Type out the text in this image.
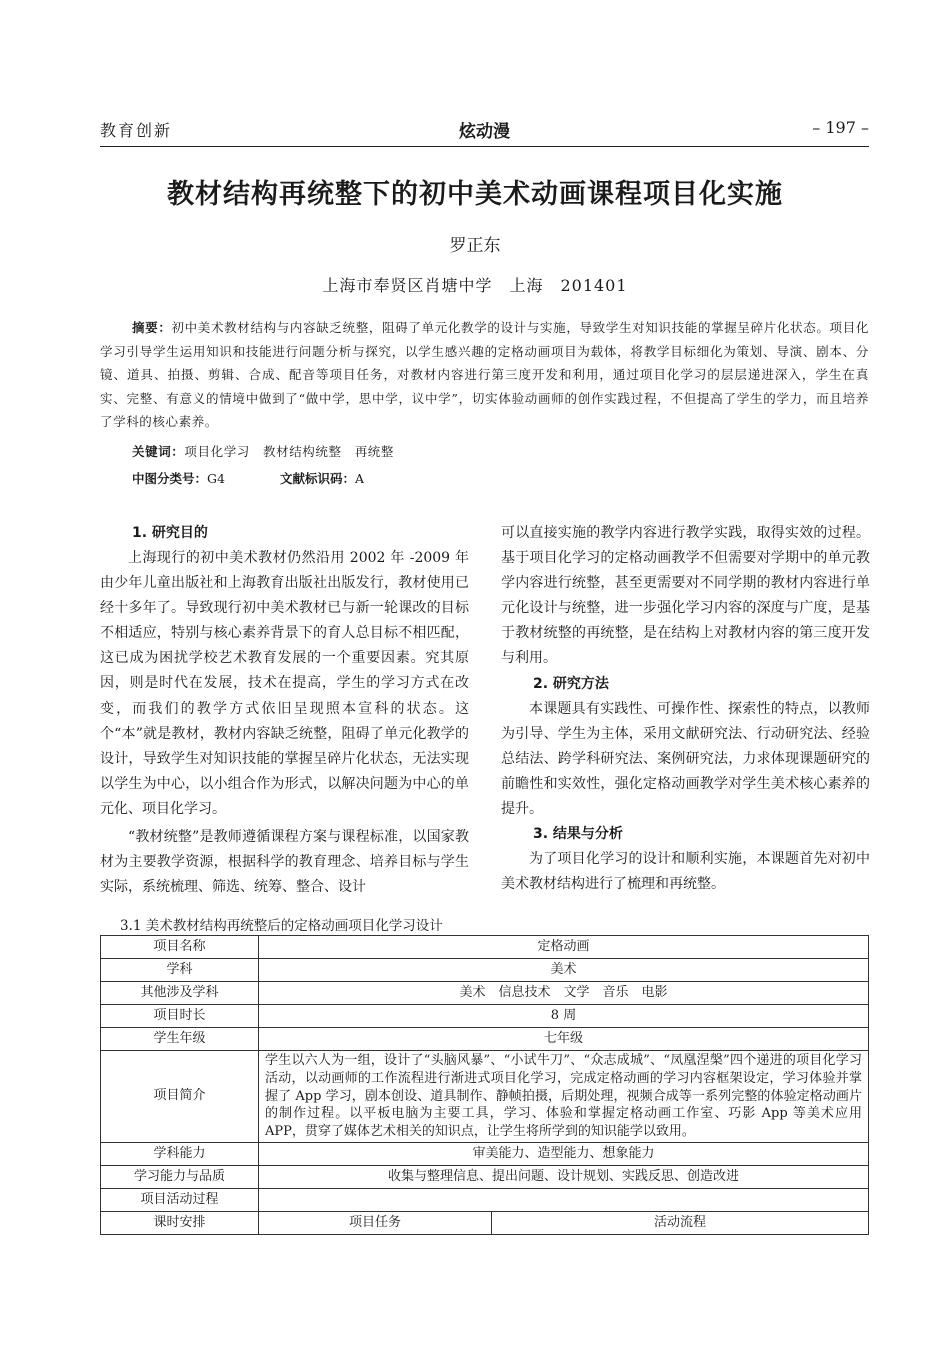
教育创新	炫动漫	– 197 –
教材结构再统整下的初中美术动画课程项目化实施
罗正东
上海市奉贤区肖塘中学　上海　201401

摘要：初中美术教材结构与内容缺乏统整，阻碍了单元化教学的设计与实施，导致学生对知识技能的掌握呈碎片化状态。项目化学习引导学生运用知识和技能进行问题分析与探究，以学生感兴趣的定格动画项目为载体，将教学目标细化为策划、导演、剧本、分镜、道具、拍摄、剪辑、合成、配音等项目任务，对教材内容进行第三度开发和利用，通过项目化学习的层层递进深入，学生在真实、完整、有意义的情境中做到了“做中学，思中学，议中学”，切实体验动画师的创作实践过程，不但提高了学生的学力，而且培养了学科的核心素养。

关键词：项目化学习　教材结构统整　再统整
中图分类号：G4	文献标识码：A
1. 研究目的

上海现行的初中美术教材仍然沿用 2002 年 -2009 年由少年儿童出版社和上海教育出版社出版发行，教材使用已经十多年了。导致现行初中美术教材已与新一轮课改的目标不相适应，特别与核心素养背景下的育人总目标不相匹配，这已成为困扰学校艺术教育发展的一个重要因素。究其原因，则是时代在发展，技术在提高，学生的学习方式在改变，而我们的教学方式依旧呈现照本宣科的状态。这个“本”就是教材，教材内容缺乏统整，阻碍了单元化教学的设计，导致学生对知识技能的掌握呈碎片化状态，无法实现以学生为中心，以小组合作为形式，以解决问题为中心的单元化、项目化学习。

“教材统整”是教师遵循课程方案与课程标准，以国家教材为主要教学资源，根据科学的教育理念、培养目标与学生实际，系统梳理、筛选、统筹、整合、设计

可以直接实施的教学内容进行教学实践，取得实效的过程。基于项目化学习的定格动画教学不但需要对学期中的单元教学内容进行统整，甚至更需要对不同学期的教材内容进行单元化设计与统整，进一步强化学习内容的深度与广度，是基于教材统整的再统整，是在结构上对教材内容的第三度开发与利用。

2. 研究方法

本课题具有实践性、可操作性、探索性的特点，以教师为引导、学生为主体，采用文献研究法、行动研究法、经验总结法、跨学科研究法、案例研究法，力求体现课题研究的前瞻性和实效性，强化定格动画教学对学生美术核心素养的提升。

3. 结果与分析

为了项目化学习的设计和顺利实施，本课题首先对初中美术教材结构进行了梳理和再统整。

3.1 美术教材结构再统整后的定格动画项目化学习设计
项目名称	定格动画	
学科	美术	
其他涉及学科	美术　信息技术　文学　音乐　电影	
项目时长	8 周	
学生年级	七年级	
项目简介	学生以六人为一组，设计了“头脑风暴”、“小试牛刀”、“众志成城”、“凤凰涅槃”四个递进的项目化学习活动，以动画师的工作流程进行渐进式项目化学习，完成定格动画的学习内容框架设定，学习体验并掌握了 App 学习，剧本创设、道具制作、静帧拍摄，后期处理，视频合成等一系列完整的体验定格动画片的制作过程。以平板电脑为主要工具，学习、体验和掌握定格动画工作室、巧影 App 等美术应用 APP，贯穿了媒体艺术相关的知识点，让学生将所学到的知识能学以致用。	
学科能力	审美能力、造型能力、想象能力	
学习能力与品质	收集与整理信息、提出问题、设计规划、实践反思、创造改进	
项目活动过程		
课时安排	项目任务	活动流程
